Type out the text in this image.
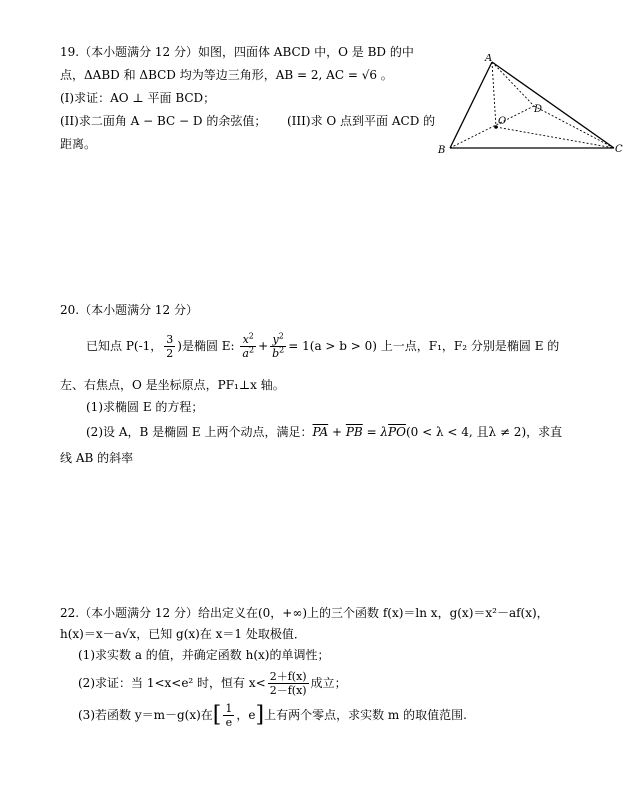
19.（本小题满分 12 分）如图，四面体 ABCD 中，O 是 BD 的中
点，ΔABD 和 ΔBCD 均为等边三角形，AB = 2, AC = √6 。
(I)求证：AO ⊥ 平面 BCD；
(II)求二面角 A − BC − D 的余弦值； (III)求 O 点到平面 ACD 的
距离。
A
B	C
D
O
20.（本小题满分 12 分）
已知点 P(-1， $\frac{3}{2}$ )是椭圆 E: $\frac{x^2}{a^2} + \frac{y^2}{b^2} = 1(a > b > 0)$ 上一点，F₁，F₂ 分别是椭圆 E 的
左、右焦点，O 是坐标原点，PF₁⊥x 轴。
(1)求椭圆 E 的方程；
(2)设 A，B 是椭圆 E 上两个动点，满足：$\overline{PA} + \overline{PB} = \lambda\overline{PO}(0 < \lambda < 4$, 且λ ≠ 2)，求直
线 AB 的斜率
22.（本小题满分 12 分）给出定义在(0，+∞)上的三个函数 f(x)＝ln x，g(x)＝x²－af(x)，
h(x)＝x－a√x，已知 g(x)在 x＝1 处取极值．
(1)求实数 a 的值，并确定函数 h(x)的单调性；
(2)求证：当 1<x<e² 时，恒有 $x< \frac{2+f(x)}{2-f(x)}$ 成立；
(3)若函数 y＝m－g(x)在[ $\frac{1}{e}$ ，e]上有两个零点，求实数 m 的取值范围.
